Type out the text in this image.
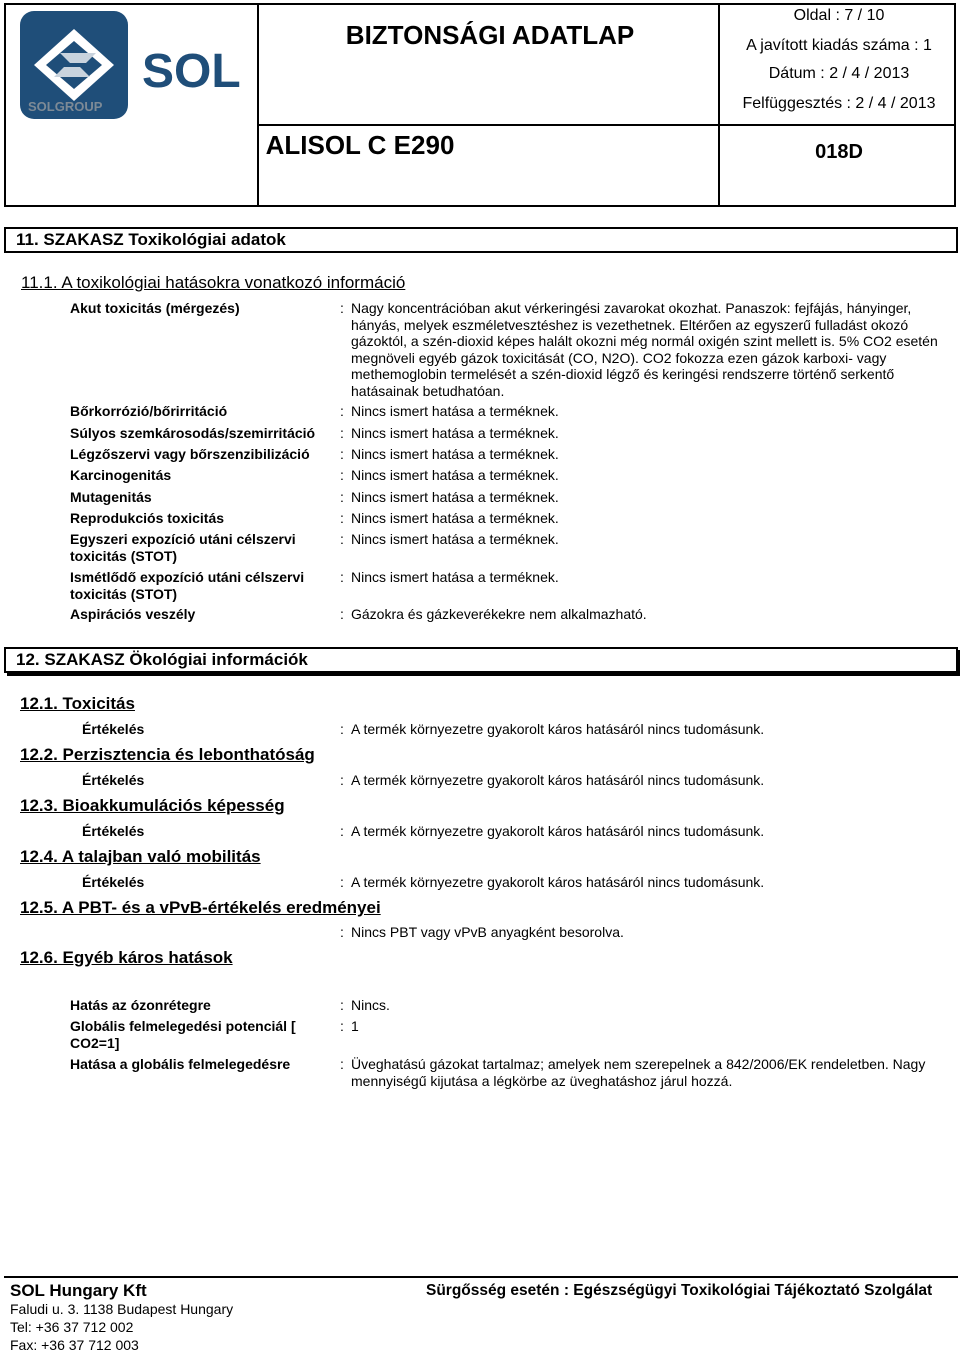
SOL
SOLGROUP
BIZTONSÁGI ADATLAP
ALISOL C E290
Oldal : 7 / 10
A javított kiadás száma : 1
Dátum : 2 / 4 / 2013
Felfüggesztés : 2 / 4 / 2013
018D
11. SZAKASZ Toxikológiai adatok
11.1. A toxikológiai hatásokra vonatkozó információ
Akut toxicitás (mérgezés)	: Nagy koncentrációban akut vérkeringési zavarokat okozhat. Panaszok: fejfájás, hányinger, hányás, melyek eszméletvesztéshez is vezethetnek. Eltérően az egyszerű fulladást okozó gázoktól, a szén-dioxid képes halált okozni még normál oxigén szint mellett is. 5% CO2 esetén megnöveli egyéb gázok toxicitását (CO, N2O). CO2 fokozza ezen gázok karboxi- vagy methemoglobin termelését a szén-dioxid légző és keringési rendszerre történő serkentő hatásainak betudhatóan.
Bőrkorrózió/bőrirritáció	: Nincs ismert hatása a terméknek.
Súlyos szemkárosodás/szemirritáció	: Nincs ismert hatása a terméknek.
Légzőszervi vagy bőrszenzibilizáció	: Nincs ismert hatása a terméknek.
Karcinogenitás	: Nincs ismert hatása a terméknek.
Mutagenitás	: Nincs ismert hatása a terméknek.
Reprodukciós toxicitás	: Nincs ismert hatása a terméknek.
Egyszeri expozíció utáni célszervi toxicitás (STOT)
: Nincs ismert hatása a terméknek.
Ismétlődő expozíció utáni célszervi toxicitás (STOT)
: Nincs ismert hatása a terméknek.
Aspirációs veszély	: Gázokra és gázkeverékekre nem alkalmazható.
12. SZAKASZ Ökológiai információk
12.1. Toxicitás
Értékelés	: A termék környezetre gyakorolt káros hatásáról nincs tudomásunk.
12.2. Perzisztencia és lebonthatóság
Értékelés	: A termék környezetre gyakorolt káros hatásáról nincs tudomásunk.
12.3. Bioakkumulációs képesség
Értékelés	: A termék környezetre gyakorolt káros hatásáról nincs tudomásunk.
12.4. A talajban való mobilitás
Értékelés	: A termék környezetre gyakorolt káros hatásáról nincs tudomásunk.
12.5. A PBT- és a vPvB-értékelés eredményei
: Nincs PBT vagy vPvB anyagként besorolva.
12.6. Egyéb káros hatások
Hatás az ózonrétegre	: Nincs.
Globális felmelegedési potenciál [ CO2=1]
: 1
Hatása a globális felmelegedésre	: Üveghatású gázokat tartalmaz; amelyek nem szerepelnek a 842/2006/EK rendeletben. Nagy mennyiségű kijutása a légkörbe az üveghatáshoz járul hozzá.
SOL Hungary Kft
Faludi u. 3. 1138 Budapest Hungary
Tel: +36 37 712 002
Fax: +36 37 712 003
Sürgősség esetén : Egészségügyi Toxikológiai Tájékoztató Szolgálat
